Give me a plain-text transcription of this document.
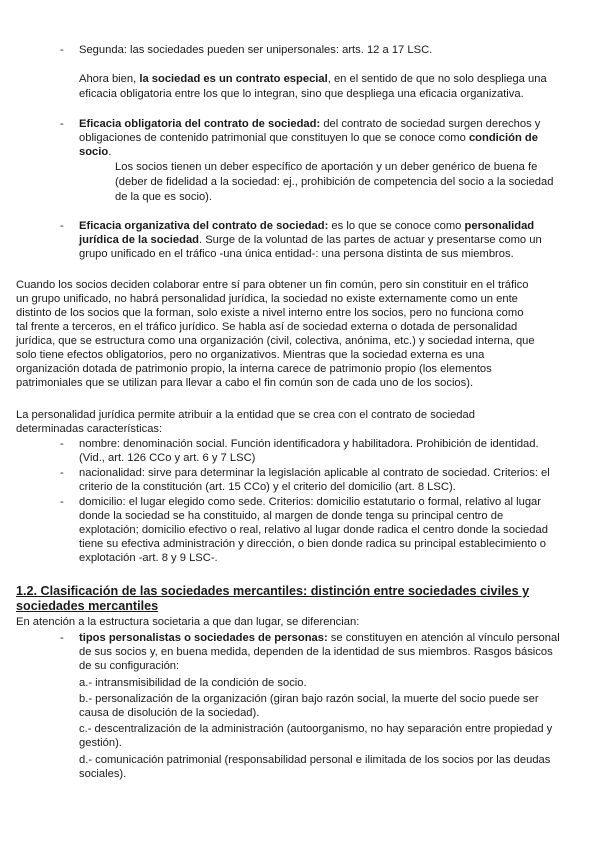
- Segunda: las sociedades pueden ser unipersonales: arts. 12 a 17 LSC.
Ahora bien, la sociedad es un contrato especial, en el sentido de que no solo despliega una
eficacia obligatoria entre los que lo integran, sino que despliega una eficacia organizativa.
- Eficacia obligatoria del contrato de sociedad: del contrato de sociedad surgen derechos y
obligaciones de contenido patrimonial que constituyen lo que se conoce como condición de
socio.
Los socios tienen un deber específico de aportación y un deber genérico de buena fe
(deber de fidelidad a la sociedad: ej., prohibición de competencia del socio a la sociedad
de la que es socio).
- Eficacia organizativa del contrato de sociedad: es lo que se conoce como personalidad
jurídica de la sociedad. Surge de la voluntad de las partes de actuar y presentarse como un
grupo unificado en el tráfico -una única entidad-: una persona distinta de sus miembros.
Cuando los socios deciden colaborar entre sí para obtener un fin común, pero sin constituir en el tráfico
un grupo unificado, no habrá personalidad jurídica, la sociedad no existe externamente como un ente
distinto de los socios que la forman, solo existe a nivel interno entre los socios, pero no funciona como
tal frente a terceros, en el tráfico jurídico. Se habla así de sociedad externa o dotada de personalidad
jurídica, que se estructura como una organización (civil, colectiva, anónima, etc.) y sociedad interna, que
solo tiene efectos obligatorios, pero no organizativos. Mientras que la sociedad externa es una
organización dotada de patrimonio propio, la interna carece de patrimonio propio (los elementos
patrimoniales que se utilizan para llevar a cabo el fin común son de cada uno de los socios).
La personalidad jurídica permite atribuir a la entidad que se crea con el contrato de sociedad
determinadas características:
- nombre: denominación social. Función identificadora y habilitadora. Prohibición de identidad.
(Vid., art. 126 CCo y art. 6 y 7 LSC)
- nacionalidad: sirve para determinar la legislación aplicable al contrato de sociedad. Criterios: el
criterio de la constitución (art. 15 CCo) y el criterio del domicilio (art. 8 LSC).
- domicilio: el lugar elegido como sede. Criterios: domicilio estatutario o formal, relativo al lugar
donde la sociedad se ha constituido, al margen de donde tenga su principal centro de
explotación; domicilio efectivo o real, relativo al lugar donde radica el centro donde la sociedad
tiene su efectiva administración y dirección, o bien donde radica su principal establecimiento o
explotación -art. 8 y 9 LSC-.
1.2. Clasificación de las sociedades mercantiles: distinción entre sociedades civiles y
sociedades mercantiles
En atención a la estructura societaria a que dan lugar, se diferencian:
- tipos personalistas o sociedades de personas: se constituyen en atención al vínculo personal
de sus socios y, en buena medida, dependen de la identidad de sus miembros. Rasgos básicos
de su configuración:
a.- intransmisibilidad de la condición de socio.
b.- personalización de la organización (giran bajo razón social, la muerte del socio puede ser
causa de disolución de la sociedad).
c.- descentralización de la administración (autoorganismo, no hay separación entre propiedad y
gestión).
d.- comunicación patrimonial (responsabilidad personal e ilimitada de los socios por las deudas
sociales).
